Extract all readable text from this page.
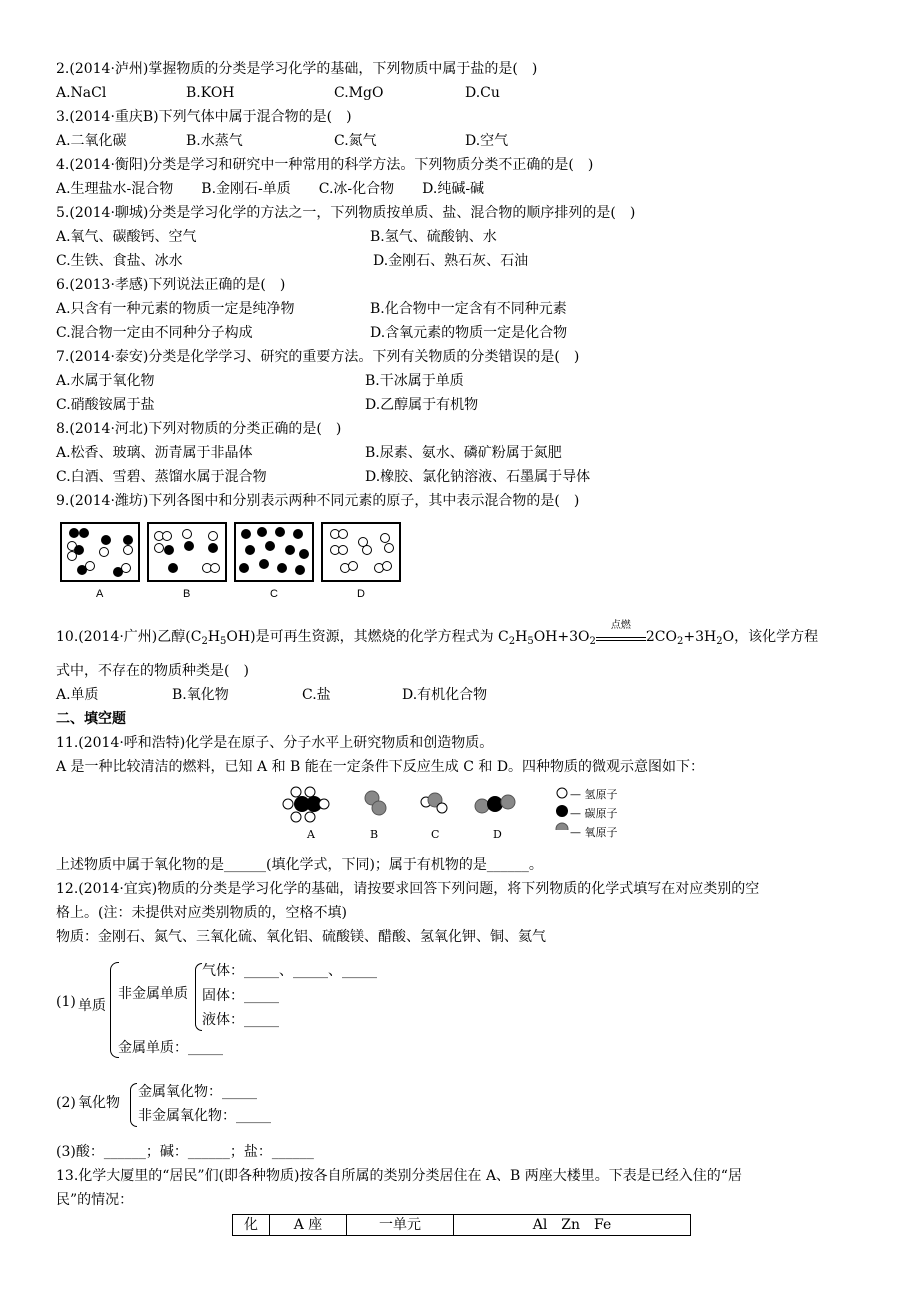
2.(2014·泸州)掌握物质的分类是学习化学的基础，下列物质中属于盐的是(　)
A.NaCl	B.KOH	C.MgO	D.Cu
3.(2014·重庆B)下列气体中属于混合物的是(　)
A.二氧化碳	B.水蒸气	C.氮气	D.空气
4.(2014·衡阳)分类是学习和研究中一种常用的科学方法。下列物质分类不正确的是(　)
A.生理盐水-混合物　　B.金刚石-单质　　C.冰-化合物　　D.纯碱-碱
5.(2014·聊城)分类是学习化学的方法之一，下列物质按单质、盐、混合物的顺序排列的是(　)
A.氧气、碳酸钙、空气	B.氢气、硫酸钠、水
C.生铁、食盐、冰水	D.金刚石、熟石灰、石油
6.(2013·孝感)下列说法正确的是(　)
A.只含有一种元素的物质一定是纯净物	B.化合物中一定含有不同种元素
C.混合物一定由不同种分子构成	D.含氧元素的物质一定是化合物
7.(2014·泰安)分类是化学学习、研究的重要方法。下列有关物质的分类错误的是(　)
A.水属于氧化物	B.干冰属于单质
C.硝酸铵属于盐	D.乙醇属于有机物
8.(2014·河北)下列对物质的分类正确的是(　)
A.松香、玻璃、沥青属于非晶体	B.尿素、氨水、磷矿粉属于氮肥
C.白酒、雪碧、蒸馏水属于混合物	D.橡胶、氯化钠溶液、石墨属于导体
9.(2014·潍坊)下列各图中和分别表示两种不同元素的原子，其中表示混合物的是(　)
A	B	C	D
10.(2014·广州)乙醇$(C_2H_5OH)$是可再生资源，其燃烧的化学方程式为 $C_2H_5OH+3O_2$
点燃
$2CO_2+3H_2O$，该化学方程
式中，不存在的物质种类是(　)
A.单质	B.氧化物	C.盐	D.有机化合物
二、填空题
11.(2014·呼和浩特)化学是在原子、分子水平上研究物质和创造物质。
A 是一种比较清洁的燃料，已知 A 和 B 能在一定条件下反应生成 C 和 D。四种物质的微观示意图如下：
— 氢原子
— 碳原子
— 氧原子
A	B	C	D
上述物质中属于氧化物的是______(填化学式，下同)；属于有机物的是______。
12.(2014·宜宾)物质的分类是学习化学的基础，请按要求回答下列问题，将下列物质的化学式填写在对应类别的空
格上。(注：未提供对应类别物质的，空格不填)
物质：金刚石、氮气、三氧化硫、氧化铝、硫酸镁、醋酸、氢氧化钾、铜、氦气
(1) 单质
非金属单质
气体：_____、_____、_____
固体：_____
液体：_____
金属单质：_____
(2) 氧化物
金属氧化物：_____
非金属氧化物：_____
(3)酸：______；碱：______；盐：______
13.化学大厦里的“居民”们(即各种物质)按各自所属的类别分类居住在 A、B 两座大楼里。下表是已经入住的“居
民”的情况：
化	A 座	一单元	Al　Zn　Fe
